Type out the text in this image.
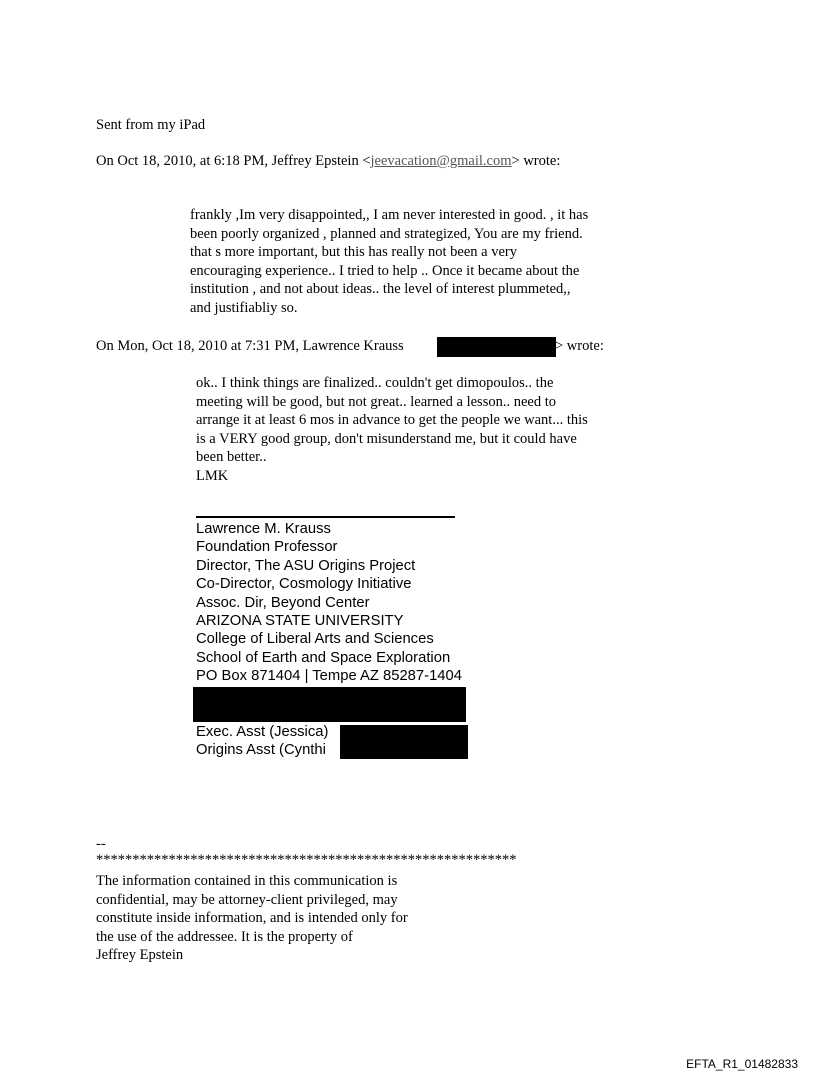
Sent from my iPad
On Oct 18, 2010, at 6:18 PM, Jeffrey Epstein <jeevacation@gmail.com> wrote:
frankly ,Im very disappointed,, I am never interested in good. , it has
been poorly organized , planned and strategized, You are my friend.
that s more important, but this has really not been a very
encouraging experience.. I tried to help .. Once it became about the
institution , and not about ideas.. the level of interest plummeted,,
and justifiabliy so.
On Mon, Oct 18, 2010 at 7:31 PM, Lawrence Krauss	> wrote:
ok.. I think things are finalized.. couldn't get dimopoulos.. the
meeting will be good, but not great.. learned a lesson.. need to
arrange it at least 6 mos in advance to get the people we want... this
is a VERY good group, don't misunderstand me, but it could have
been better..
LMK
Lawrence M. Krauss
Foundation Professor
Director, The ASU Origins Project
Co-Director, Cosmology Initiative
Assoc. Dir, Beyond Center
ARIZONA STATE UNIVERSITY
College of Liberal Arts and Sciences
School of Earth and Space Exploration
PO Box 871404 | Tempe AZ 85287-1404
Exec. Asst (Jessica)
Origins Asst (Cynthi
--
**********************************************************
The information contained in this communication is
confidential, may be attorney-client privileged, may
constitute inside information, and is intended only for
the use of the addressee. It is the property of
Jeffrey Epstein
EFTA_R1_01482833
